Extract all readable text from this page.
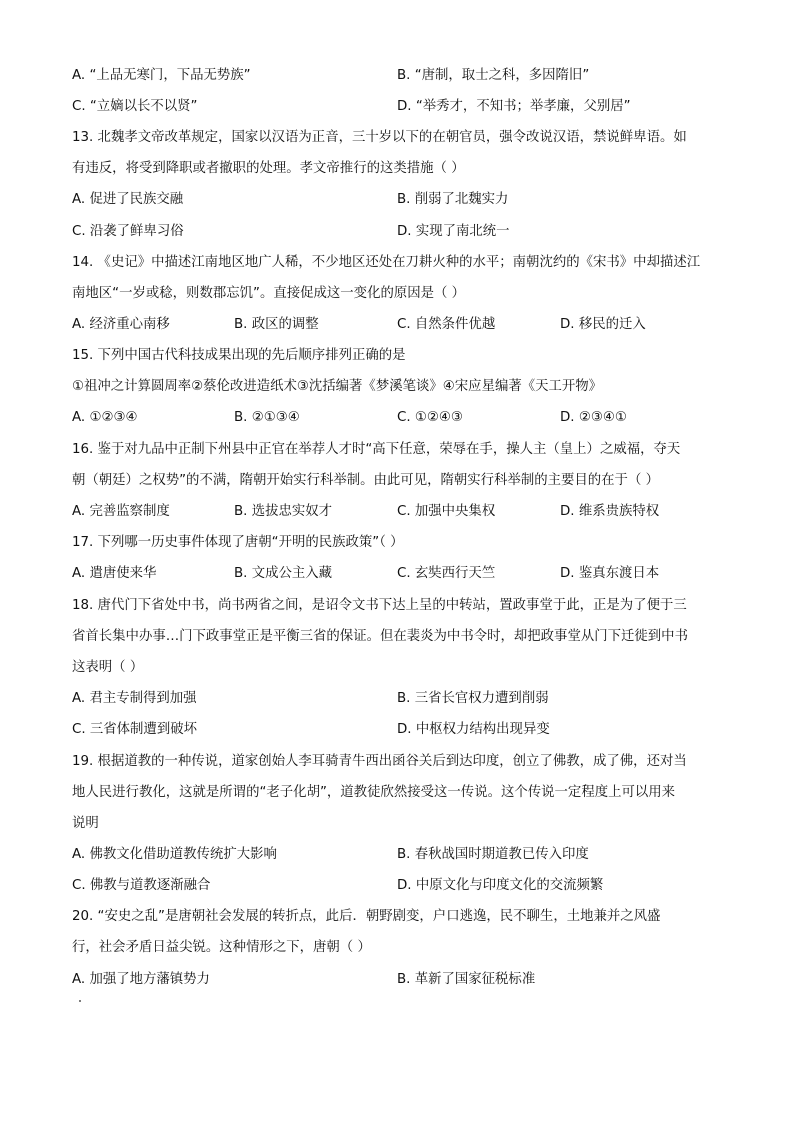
A. “上品无寒门，下品无势族”	B. “唐制，取士之科，多因隋旧”
C. “立嫡以长不以贤”	D. “举秀才，不知书；举孝廉，父别居”
13. 北魏孝文帝改革规定，国家以汉语为正音，三十岁以下的在朝官员，强令改说汉语，禁说鲜卑语。如
有违反，将受到降职或者撤职的处理。孝文帝推行的这类措施（ ）
A. 促进了民族交融	B. 削弱了北魏实力
C. 沿袭了鲜卑习俗	D. 实现了南北统一
14. 《史记》中描述江南地区地广人稀，不少地区还处在刀耕火种的水平；南朝沈约的《宋书》中却描述江
南地区“一岁或稔，则数郡忘饥”。直接促成这一变化的原因是（ ）
A. 经济重心南移	B. 政区的调整	C. 自然条件优越	D. 移民的迁入
15. 下列中国古代科技成果出现的先后顺序排列正确的是
①祖冲之计算圆周率②蔡伦改进造纸术③沈括编著《梦溪笔谈》④宋应星编著《天工开物》
A. ①②③④	B. ②①③④	C. ①②④③	D. ②③④①
16. 鉴于对九品中正制下州县中正官在举荐人才时“高下任意，荣辱在手，操人主（皇上）之威福，夺天
朝（朝廷）之权势”的不满，隋朝开始实行科举制。由此可见，隋朝实行科举制的主要目的在于（ ）
A. 完善监察制度	B. 选拔忠实奴才	C. 加强中央集权	D. 维系贵族特权
17. 下列哪一历史事件体现了唐朝“开明的民族政策”（ ）
A. 遣唐使来华	B. 文成公主入藏	C. 玄奘西行天竺	D. 鉴真东渡日本
18. 唐代门下省处中书，尚书两省之间，是诏令文书下达上呈的中转站，置政事堂于此，正是为了便于三
省首长集中办事…门下政事堂正是平衡三省的保证。但在裴炎为中书令时，却把政事堂从门下迁徙到中书
这表明（ ）
A. 君主专制得到加强	B. 三省长官权力遭到削弱
C. 三省体制遭到破坏	D. 中枢权力结构出现异变
19. 根据道教的一种传说，道家创始人李耳骑青牛西出函谷关后到达印度，创立了佛教，成了佛，还对当
地人民进行教化，这就是所谓的“老子化胡”，道教徒欣然接受这一传说。这个传说一定程度上可以用来
说明
A. 佛教文化借助道教传统扩大影响	B. 春秋战国时期道教已传入印度
C. 佛教与道教逐渐融合	D. 中原文化与印度文化的交流频繁
20. “安史之乱”是唐朝社会发展的转折点，此后．朝野剧变，户口逃逸，民不聊生，土地兼并之风盛
行，社会矛盾日益尖锐。这种情形之下，唐朝（ ）
A. 加强了地方藩镇势力	B. 革新了国家征税标准
